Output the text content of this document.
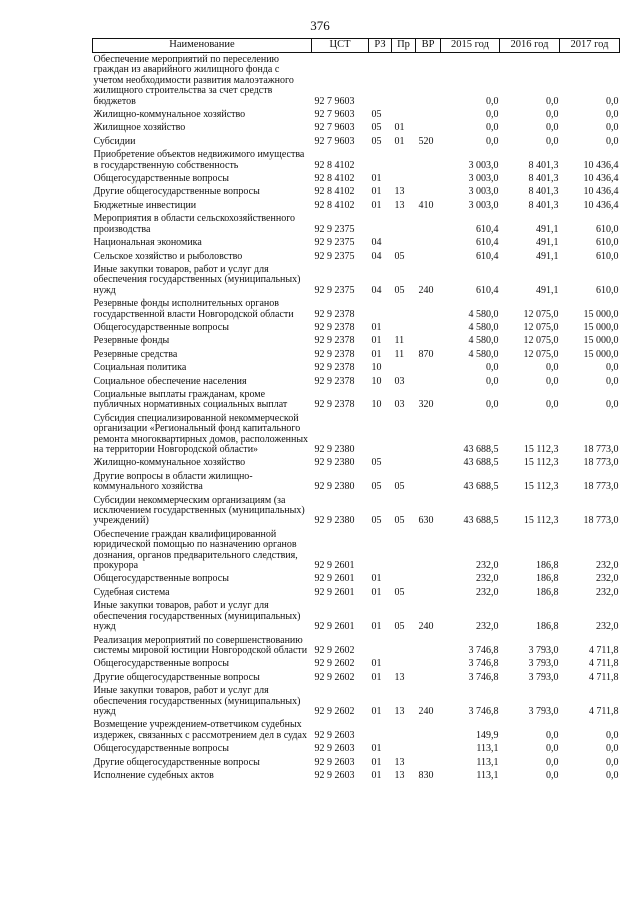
376
Наименование	ЦСТ	РЗ	Пр	ВР	2015 год	2016 год	2017 год
Обеспечение мероприятий по переселению граждан из аварийного жилищного фонда с учетом необходимости развития малоэтажного жилищного строительства за счет средств бюджетов	92 7 9603				0,0	0,0	0,0
Жилищно-коммунальное хозяйство	92 7 9603	05			0,0	0,0	0,0
Жилищное хозяйство	92 7 9603	05	01		0,0	0,0	0,0
Субсидии	92 7 9603	05	01	520	0,0	0,0	0,0
Приобретение объектов недвижимого имущества в государственную собственность	92 8 4102				3 003,0	8 401,3	10 436,4
Общегосударственные вопросы	92 8 4102	01			3 003,0	8 401,3	10 436,4
Другие общегосударственные вопросы	92 8 4102	01	13		3 003,0	8 401,3	10 436,4
Бюджетные инвестиции	92 8 4102	01	13	410	3 003,0	8 401,3	10 436,4
Мероприятия в области сельскохозяйственного производства	92 9 2375				610,4	491,1	610,0
Национальная экономика	92 9 2375	04			610,4	491,1	610,0
Сельское хозяйство и рыболовство	92 9 2375	04	05		610,4	491,1	610,0
Иные закупки товаров, работ и услуг для обеспечения государственных (муниципальных) нужд	92 9 2375	04	05	240	610,4	491,1	610,0
Резервные фонды исполнительных органов государственной власти Новгородской области	92 9 2378				4 580,0	12 075,0	15 000,0
Общегосударственные вопросы	92 9 2378	01			4 580,0	12 075,0	15 000,0
Резервные фонды	92 9 2378	01	11		4 580,0	12 075,0	15 000,0
Резервные средства	92 9 2378	01	11	870	4 580,0	12 075,0	15 000,0
Социальная политика	92 9 2378	10			0,0	0,0	0,0
Социальное обеспечение населения	92 9 2378	10	03		0,0	0,0	0,0
Социальные выплаты гражданам, кроме публичных нормативных социальных выплат	92 9 2378	10	03	320	0,0	0,0	0,0
Субсидия специализированной некоммерческой организации «Региональный фонд капитального ремонта многоквартирных домов, расположенных на территории Новгородской области»	92 9 2380				43 688,5	15 112,3	18 773,0
Жилищно-коммунальное хозяйство	92 9 2380	05			43 688,5	15 112,3	18 773,0
Другие вопросы в области жилищно-коммунального хозяйства	92 9 2380	05	05		43 688,5	15 112,3	18 773,0
Субсидии некоммерческим организациям (за исключением государственных (муниципальных) учреждений)	92 9 2380	05	05	630	43 688,5	15 112,3	18 773,0
Обеспечение граждан квалифицированной юридической помощью по назначению органов дознания, органов предварительного следствия, прокурора	92 9 2601				232,0	186,8	232,0
Общегосударственные вопросы	92 9 2601	01			232,0	186,8	232,0
Судебная система	92 9 2601	01	05		232,0	186,8	232,0
Иные закупки товаров, работ и услуг для обеспечения государственных (муниципальных) нужд	92 9 2601	01	05	240	232,0	186,8	232,0
Реализация мероприятий по совершенствованию системы мировой юстиции Новгородской области	92 9 2602				3 746,8	3 793,0	4 711,8
Общегосударственные вопросы	92 9 2602	01			3 746,8	3 793,0	4 711,8
Другие общегосударственные вопросы	92 9 2602	01	13		3 746,8	3 793,0	4 711,8
Иные закупки товаров, работ и услуг для обеспечения государственных (муниципальных) нужд	92 9 2602	01	13	240	3 746,8	3 793,0	4 711,8
Возмещение учреждением-ответчиком судебных издержек, связанных с рассмотрением дел в судах	92 9 2603				149,9	0,0	0,0
Общегосударственные вопросы	92 9 2603	01			113,1	0,0	0,0
Другие общегосударственные вопросы	92 9 2603	01	13		113,1	0,0	0,0
Исполнение судебных актов	92 9 2603	01	13	830	113,1	0,0	0,0
